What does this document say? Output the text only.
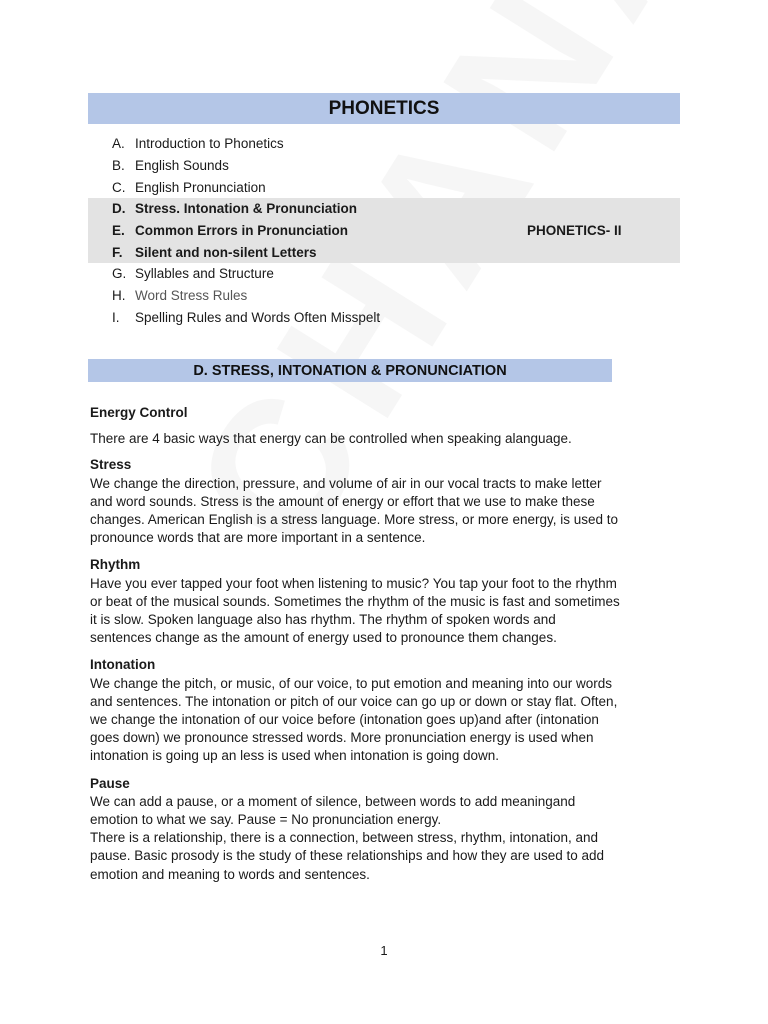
PHONETICS
A. Introduction to Phonetics
B. English Sounds
C. English Pronunciation
D. Stress. Intonation & Pronunciation
E. Common Errors in Pronunciation	PHONETICS- II
F. Silent and non-silent Letters
G. Syllables and Structure
H. Word Stress Rules
I.	Spelling Rules and Words Often Misspelt
D. STRESS, INTONATION & PRONUNCIATION
Energy Control

There are 4 basic ways that energy can be controlled when speaking alanguage.

Stress

We change the direction, pressure, and volume of air in our vocal tracts to make letter and word sounds. Stress is the amount of energy or effort that we use to make these changes. American English is a stress language. More stress, or more energy, is used to pronounce words that are more important in a sentence.

Rhythm

Have you ever tapped your foot when listening to music? You tap your foot to the rhythm or beat of the musical sounds. Sometimes the rhythm of the music is fast and sometimes it is slow. Spoken language also has rhythm. The rhythm of spoken words and sentences change as the amount of energy used to pronounce them changes.

Intonation

We change the pitch, or music, of our voice, to put emotion and meaning into our words and sentences. The intonation or pitch of our voice can go up or down or stay flat. Often, we change the intonation of our voice before (intonation goes up)and after (intonation goes down) we pronounce stressed words. More pronunciation energy is used when intonation is going up an less is used when intonation is going down.

Pause

We can add a pause, or a moment of silence, between words to add meaningand emotion to what we say. Pause = No pronunciation energy.

There is a relationship, there is a connection, between stress, rhythm, intonation, and pause. Basic prosody is the study of these relationships and how they are used to add emotion and meaning to words and sentences.

1
